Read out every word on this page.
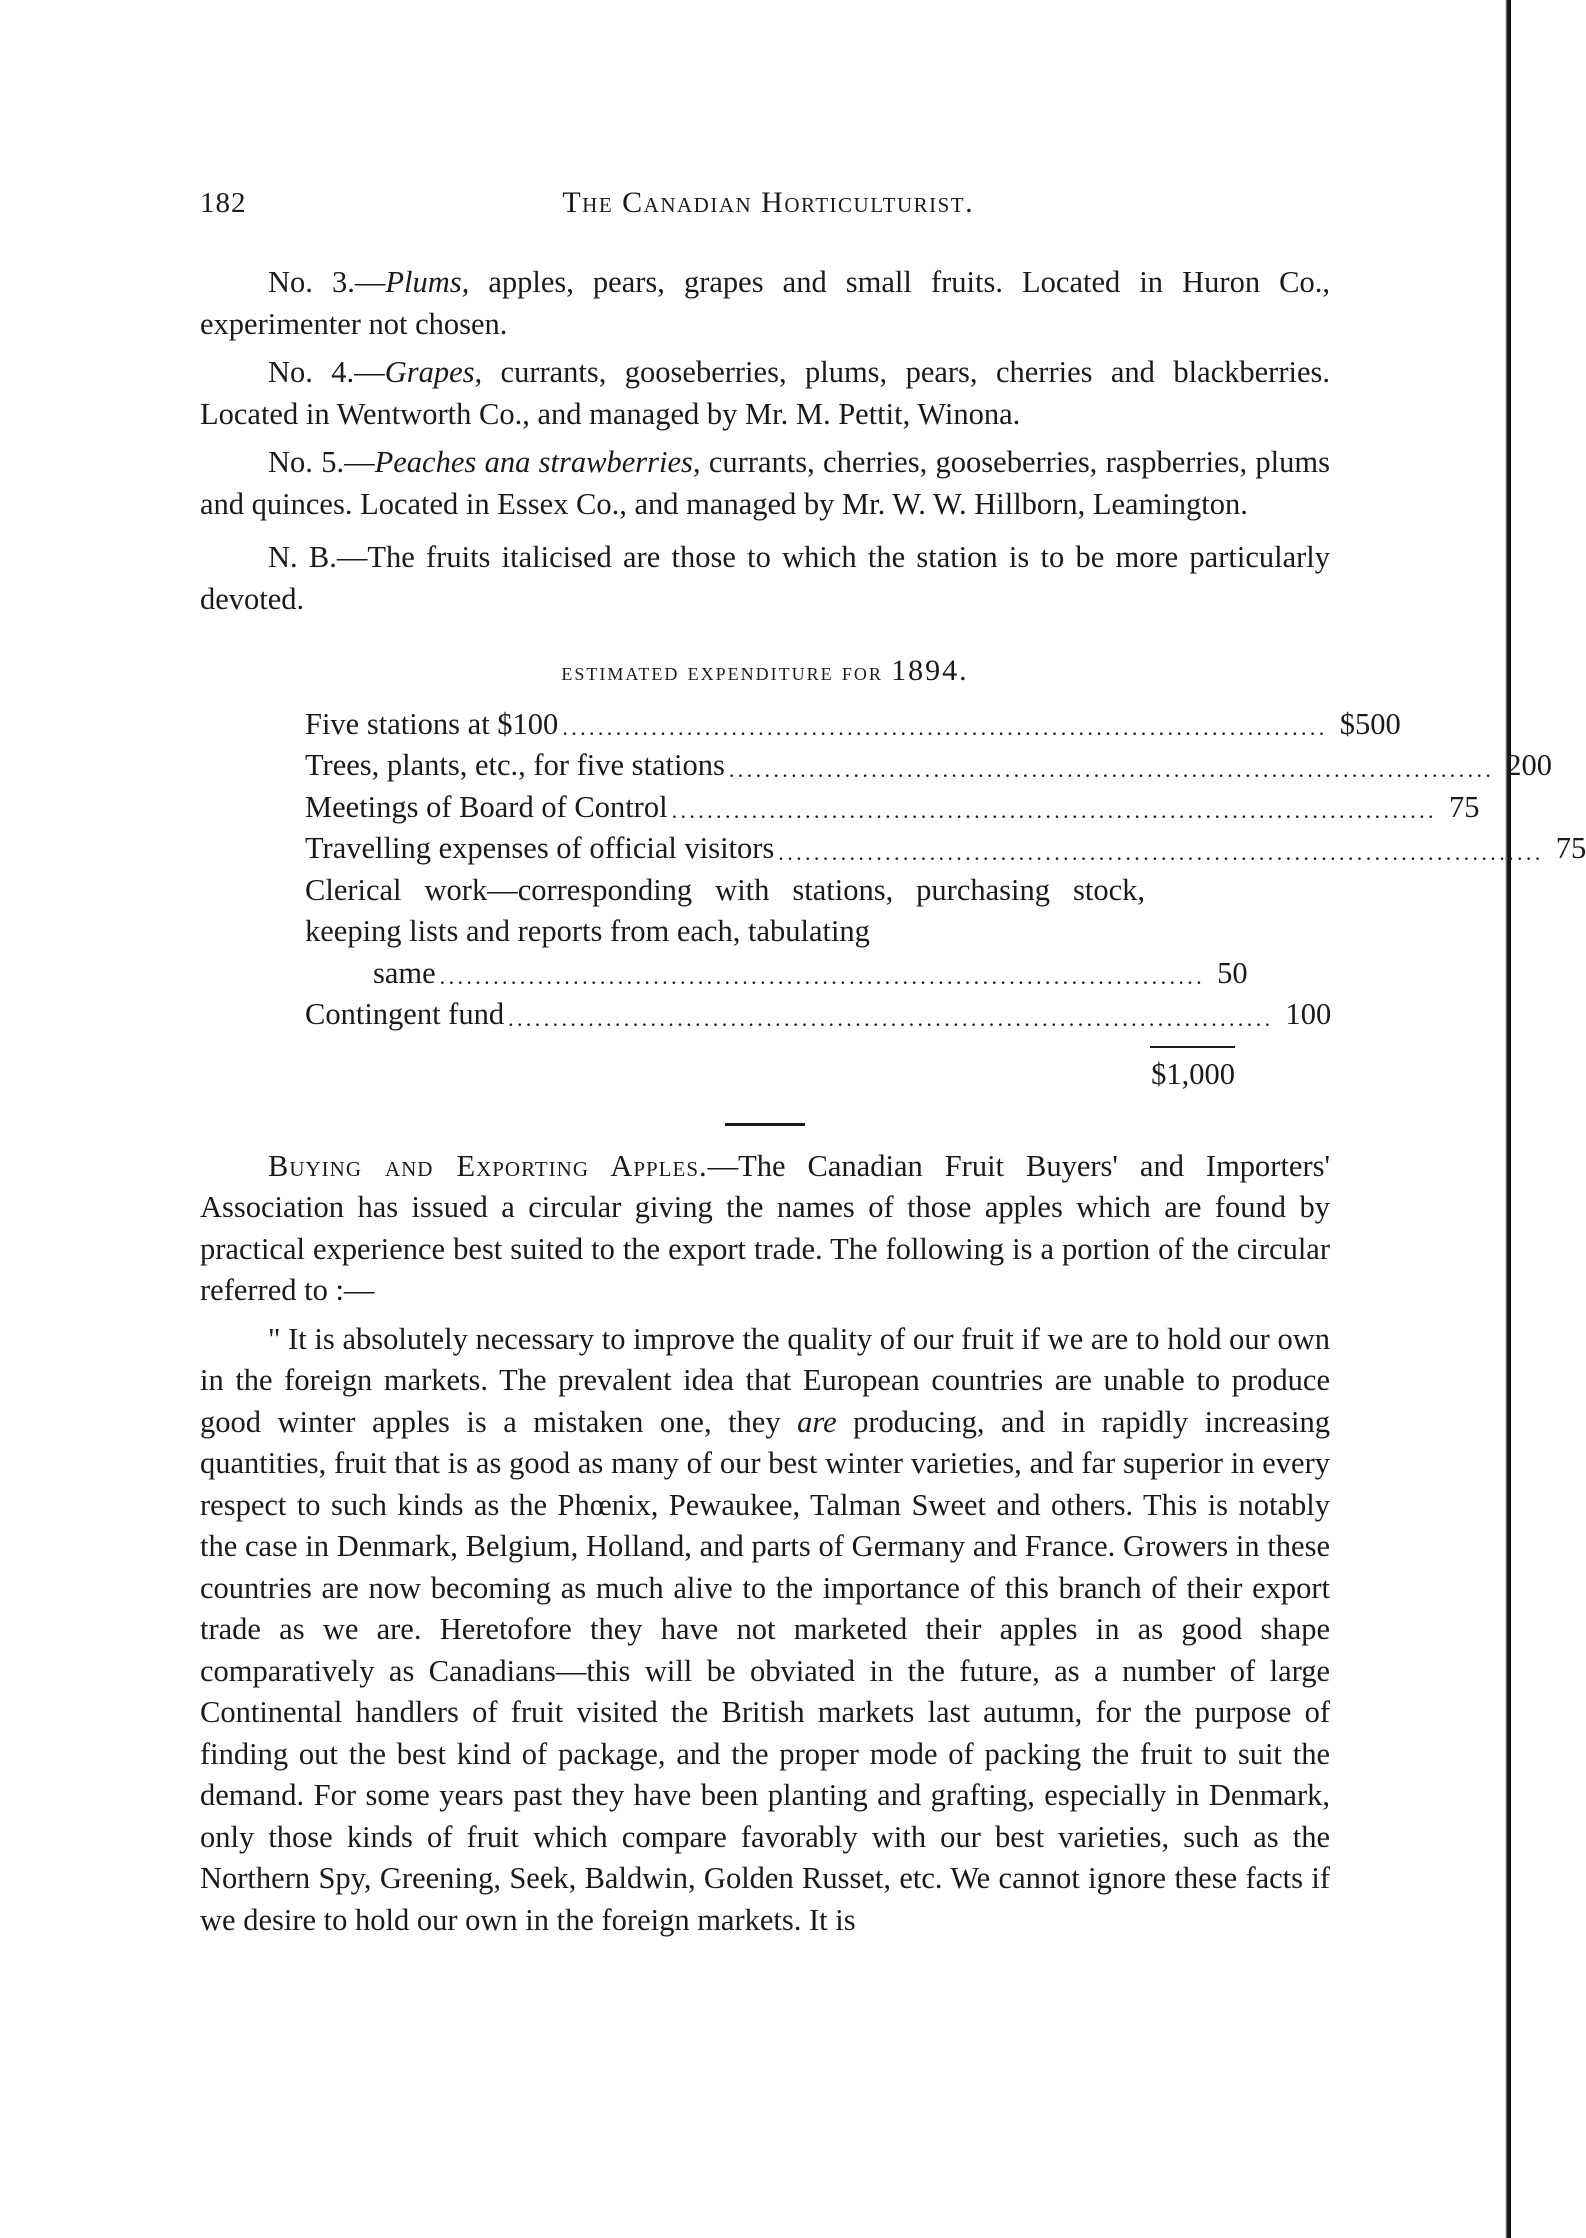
182	The Canadian Horticulturist.

No. 3.—Plums, apples, pears, grapes and small fruits. Located in Huron Co., experimenter not chosen.

No. 4.—Grapes, currants, gooseberries, plums, pears, cherries and blackberries. Located in Wentworth Co., and managed by Mr. M. Pettit, Winona.

No. 5.—Peaches ana strawberries, currants, cherries, gooseberries, raspberries, plums and quinces. Located in Essex Co., and managed by Mr. W. W. Hillborn, Leamington.

N. B.—The fruits italicised are those to which the station is to be more particularly devoted.

estimated expenditure for 1894.
Five stations at $100 ...................................................................................... $500
Trees, plants, etc., for five stations ...................................................................................... 200
Meetings of Board of Control ...................................................................................... 75
Travelling expenses of official visitors ...................................................................................... 75
Clerical work—corresponding with stations, purchasing stock, keeping lists and reports from each, tabulating
same ...................................................................................... 50
Contingent fund ...................................................................................... 100
$1,000

Buying and Exporting Apples.—The Canadian Fruit Buyers' and Importers' Association has issued a circular giving the names of those apples which are found by practical experience best suited to the export trade. The following is a portion of the circular referred to :—

" It is absolutely necessary to improve the quality of our fruit if we are to hold our own in the foreign markets. The prevalent idea that European countries are unable to produce good winter apples is a mistaken one, they are producing, and in rapidly increasing quantities, fruit that is as good as many of our best winter varieties, and far superior in every respect to such kinds as the Phœnix, Pewaukee, Talman Sweet and others. This is notably the case in Denmark, Belgium, Holland, and parts of Germany and France. Growers in these countries are now becoming as much alive to the importance of this branch of their export trade as we are. Heretofore they have not marketed their apples in as good shape comparatively as Canadians—this will be obviated in the future, as a number of large Continental handlers of fruit visited the British markets last autumn, for the purpose of finding out the best kind of package, and the proper mode of packing the fruit to suit the demand. For some years past they have been planting and grafting, especially in Denmark, only those kinds of fruit which compare favorably with our best varieties, such as the Northern Spy, Greening, Seek, Baldwin, Golden Russet, etc. We cannot ignore these facts if we desire to hold our own in the foreign markets. It is
